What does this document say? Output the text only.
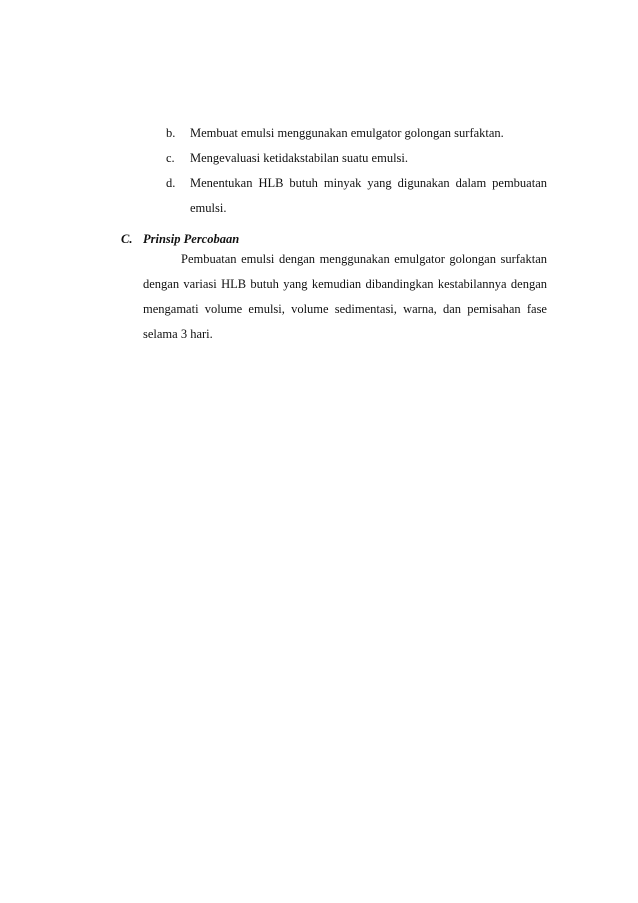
b. Membuat emulsi menggunakan emulgator golongan surfaktan.
c. Mengevaluasi ketidakstabilan suatu emulsi.
d. Menentukan HLB butuh minyak yang digunakan dalam pembuatan emulsi.
C. Prinsip Percobaan

Pembuatan emulsi dengan menggunakan emulgator golongan surfaktan dengan variasi HLB butuh yang kemudian dibandingkan kestabilannya dengan mengamati volume emulsi, volume sedimentasi, warna, dan pemisahan fase selama 3 hari.
